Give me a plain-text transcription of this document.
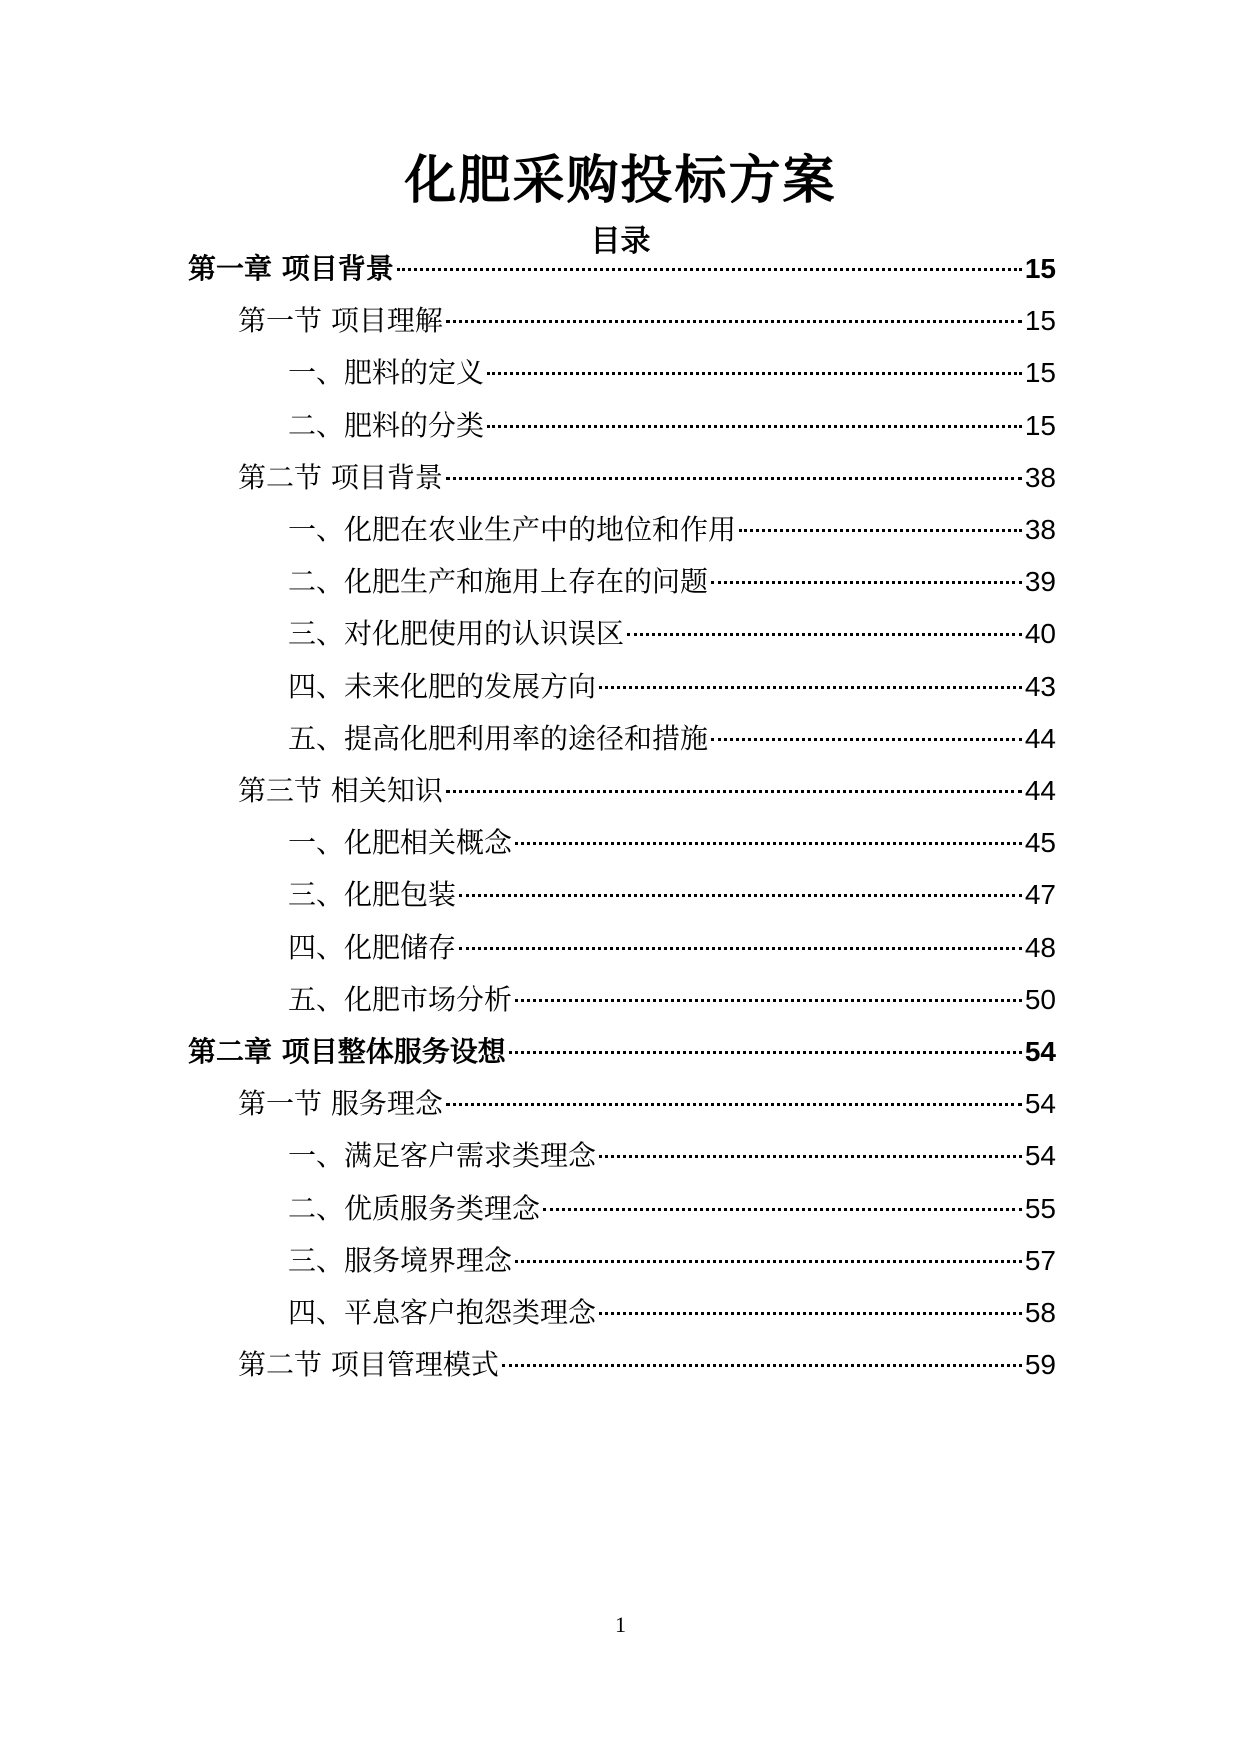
化肥采购投标方案
目录
第一章 项目背景	15
第一节 项目理解	15
一、肥料的定义	15
二、肥料的分类	15
第二节 项目背景	38
一、化肥在农业生产中的地位和作用	38
二、化肥生产和施用上存在的问题	39
三、对化肥使用的认识误区	40
四、未来化肥的发展方向	43
五、提高化肥利用率的途径和措施	44
第三节 相关知识	44
一、化肥相关概念	45
三、化肥包装	47
四、化肥储存	48
五、化肥市场分析	50
第二章 项目整体服务设想	54
第一节 服务理念	54
一、满足客户需求类理念	54
二、优质服务类理念	55
三、服务境界理念	57
四、平息客户抱怨类理念	58
第二节 项目管理模式	59
1
